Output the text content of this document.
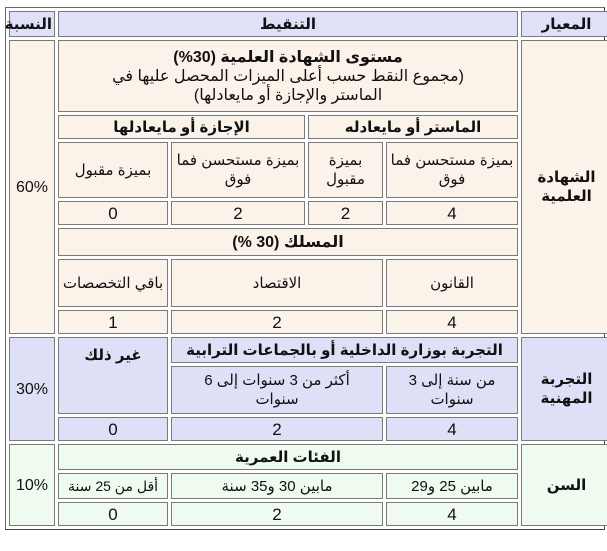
المعيار	التنقيط				النسبة
الشهادة العلمية	مستوى الشهادة العلمية (30%)
(مجموع النقط حسب أعلى الميزات المحصل عليها في الماستر والإجازة أو مايعادلها)				60%
	الماستر أو مايعادله		الإجازة أو مايعادلها		
	بميزة مستحسن فما فوق	بميزة مقبول	بميزة مستحسن فما فوق	بميزة مقبول	
	4	2	2	0	
	المسلك (30 %)				
	القانون	الاقتصاد		باقي التخصصات	
	4	2		1	
التجربة المهنية	التجربة بوزارة الداخلية أو بالجماعات الترابية			غير ذلك	30%
	من سنة إلى 3 سنوات	أكثر من 3 سنوات إلى 6 سنوات			
	4	2		0	
السن	الفئات العمرية				10%
	مابين 25 و29	مابين 30 و35 سنة		أقل من 25 سنة	
	4	2		0	
